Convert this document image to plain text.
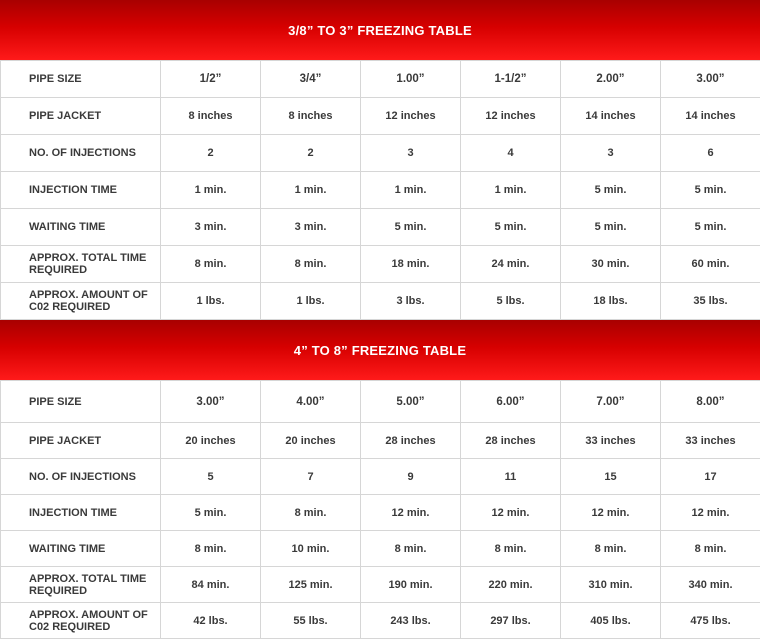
3/8” TO 3” FREEZING TABLE
PIPE SIZE	1/2”	3/4”	1.00”	1-1/2”	2.00”	3.00”
PIPE JACKET	8 inches	8 inches	12 inches	12 inches	14 inches	14 inches
NO. OF INJECTIONS	2	2	3	4	3	6
INJECTION TIME	1 min.	1 min.	1 min.	1 min.	5 min.	5 min.
WAITING TIME	3 min.	3 min.	5 min.	5 min.	5 min.	5 min.
APPROX. TOTAL TIME REQUIRED	8 min.	8 min.	18 min.	24 min.	30 min.	60 min.
APPROX. AMOUNT OF C02 REQUIRED	1 lbs.	1 lbs.	3 lbs.	5 lbs.	18 lbs.	35 lbs.
4” TO 8” FREEZING TABLE
PIPE SIZE	3.00”	4.00”	5.00”	6.00”	7.00”	8.00”
PIPE JACKET	20 inches	20 inches	28 inches	28 inches	33 inches	33 inches
NO. OF INJECTIONS	5	7	9	11	15	17
INJECTION TIME	5 min.	8 min.	12 min.	12 min.	12 min.	12 min.
WAITING TIME	8 min.	10 min.	8 min.	8 min.	8 min.	8 min.
APPROX. TOTAL TIME REQUIRED	84 min.	125 min.	190 min.	220 min.	310 min.	340 min.
APPROX. AMOUNT OF C02 REQUIRED	42 lbs.	55 lbs.	243 lbs.	297 lbs.	405 lbs.	475 lbs.
